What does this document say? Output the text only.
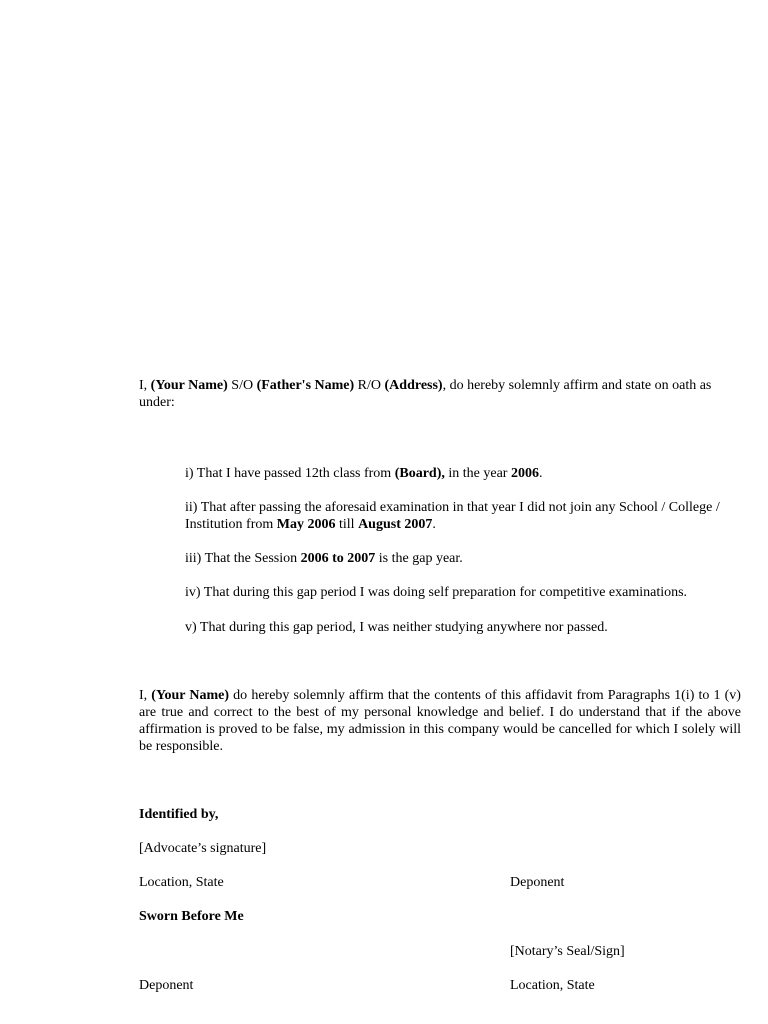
I, (Your Name) S/O (Father's Name) R/O (Address), do hereby solemnly affirm and state on oath as under:

i) That I have passed 12th class from (Board), in the year 2006.

ii) That after passing the aforesaid examination in that year I did not join any School / College / Institution from May 2006 till August 2007.

iii) That the Session 2006 to 2007 is the gap year.

iv) That during this gap period I was doing self preparation for competitive examinations.

v) That during this gap period, I was neither studying anywhere nor passed.

I, (Your Name) do hereby solemnly affirm that the contents of this affidavit from Paragraphs 1(i) to 1 (v) are true and correct to the best of my personal knowledge and belief. I do understand that if the above affirmation is proved to be false, my admission in this company would be cancelled for which I solely will be responsible.

Identified by,

[Advocate’s signature]

Location, State	Deponent

Sworn Before Me

[Notary’s Seal/Sign]

Deponent	Location, State
